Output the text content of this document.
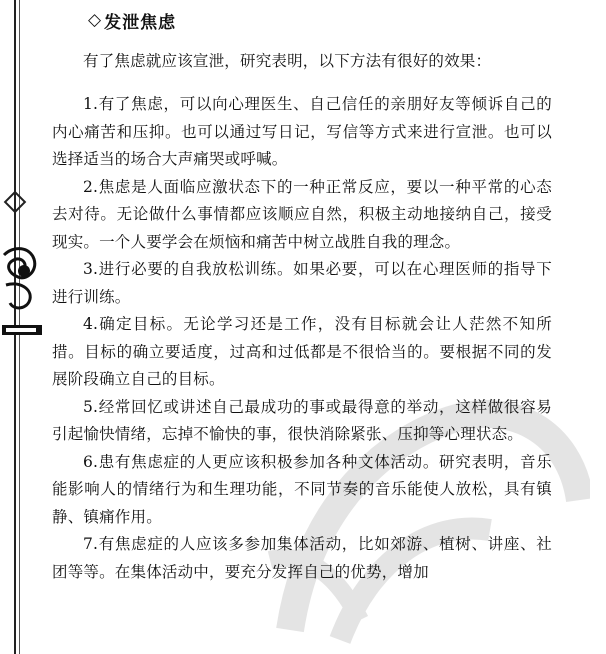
◇ 发泄焦虑

有了焦虑就应该宣泄，研究表明，以下方法有很好的效果：

1.有了焦虑，可以向心理医生、自己信任的亲朋好友等倾诉自己的内心痛苦和压抑。也可以通过写日记，写信等方式来进行宣泄。也可以选择适当的场合大声痛哭或呼喊。

2.焦虑是人面临应激状态下的一种正常反应，要以一种平常的心态去对待。无论做什么事情都应该顺应自然，积极主动地接纳自己，接受现实。一个人要学会在烦恼和痛苦中树立战胜自我的理念。

3.进行必要的自我放松训练。如果必要，可以在心理医师的指导下进行训练。

4.确定目标。无论学习还是工作，没有目标就会让人茫然不知所措。目标的确立要适度，过高和过低都是不很恰当的。要根据不同的发展阶段确立自己的目标。

5.经常回忆或讲述自己最成功的事或最得意的举动，这样做很容易引起愉快情绪，忘掉不愉快的事，很快消除紧张、压抑等心理状态。

6.患有焦虑症的人更应该积极参加各种文体活动。研究表明，音乐能影响人的情绪行为和生理功能，不同节奏的音乐能使人放松，具有镇静、镇痛作用。

7.有焦虑症的人应该多参加集体活动，比如郊游、植树、讲座、社团等等。在集体活动中，要充分发挥自己的优势，增加
